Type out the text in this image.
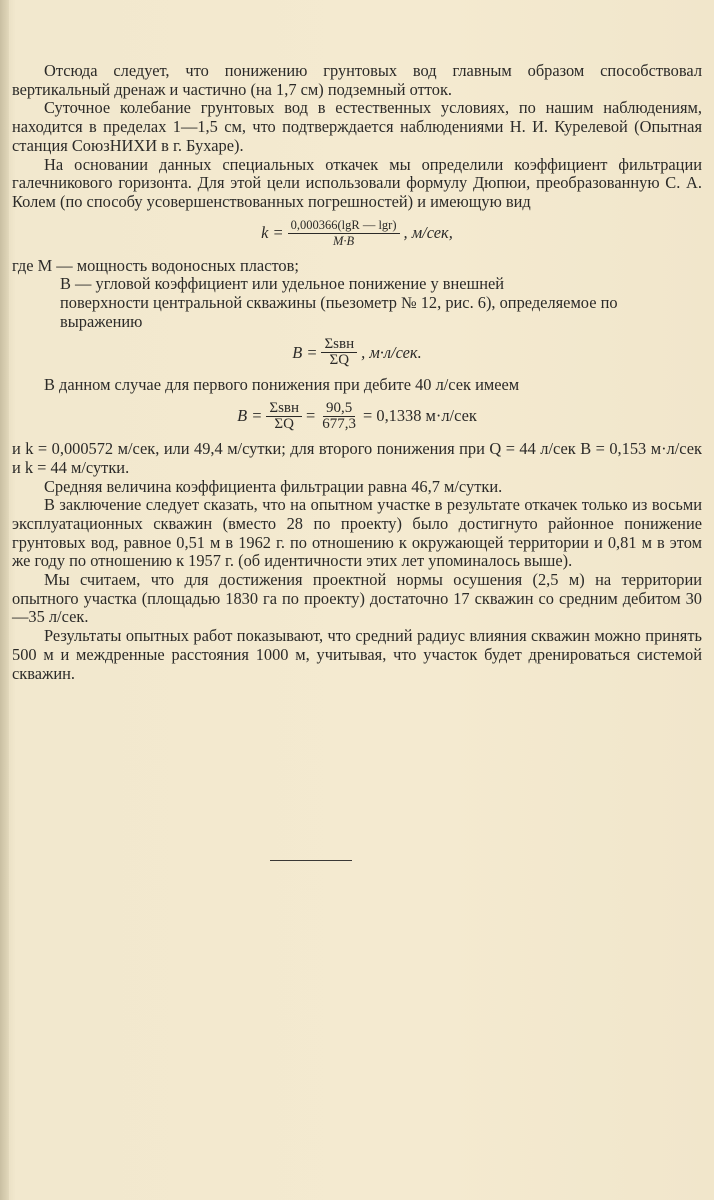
Отсюда следует, что понижению грунтовых вод главным образом способствовал вертикальный дренаж и частично (на 1,7 см) подземный отток.

Суточное колебание грунтовых вод в естественных условиях, по нашим наблюдениям, находится в пределах 1—1,5 см, что подтверждается наблюдениями Н. И. Курелевой (Опытная станция СоюзНИХИ в г. Бухаре).

На основании данных специальных откачек мы определили коэффициент фильтрации галечникового горизонта. Для этой цели использовали формулу Дюпюи, преобразованную С. А. Колем (по способу усовершенствованных погрешностей) и имеющую вид

$k = \frac{0,000366(\lg R — \lg r)}{M\cdot B}$ , м/сек,

где M — мощность водоносных пластов;

B — угловой коэффициент или удельное понижение у внешней

поверхности центральной скважины (пьезометр № 12, рис. 6), определяемое по выражению

$B = \frac{\text{Σsвн}}{\Sigma Q}$ , м·л/сек.

В данном случае для первого понижения при дебите 40 л/сек имеем

$B = \frac{\text{Σsвн}}{\Sigma Q} = \frac{90,5}{677,3} = 0,1338$ м·л/сек

и k = 0,000572 м/сек, или 49,4 м/сутки; для второго понижения при Q = 44 л/сек B = 0,153 м·л/сек и k = 44 м/сутки.

Средняя величина коэффициента фильтрации равна 46,7 м/сутки.

В заключение следует сказать, что на опытном участке в результате откачек только из восьми эксплуатационных скважин (вместо 28 по проекту) было достигнуто районное понижение грунтовых вод, равное 0,51 м в 1962 г. по отношению к окружающей территории и 0,81 м в этом же году по отношению к 1957 г. (об идентичности этих лет упоминалось выше).

Мы считаем, что для достижения проектной нормы осушения (2,5 м) на территории опытного участка (площадью 1830 га по проекту) достаточно 17 скважин со средним дебитом 30—35 л/сек.

Результаты опытных работ показывают, что средний радиус влияния скважин можно принять 500 м и междренные расстояния 1000 м, учитывая, что участок будет дренироваться системой скважин.
